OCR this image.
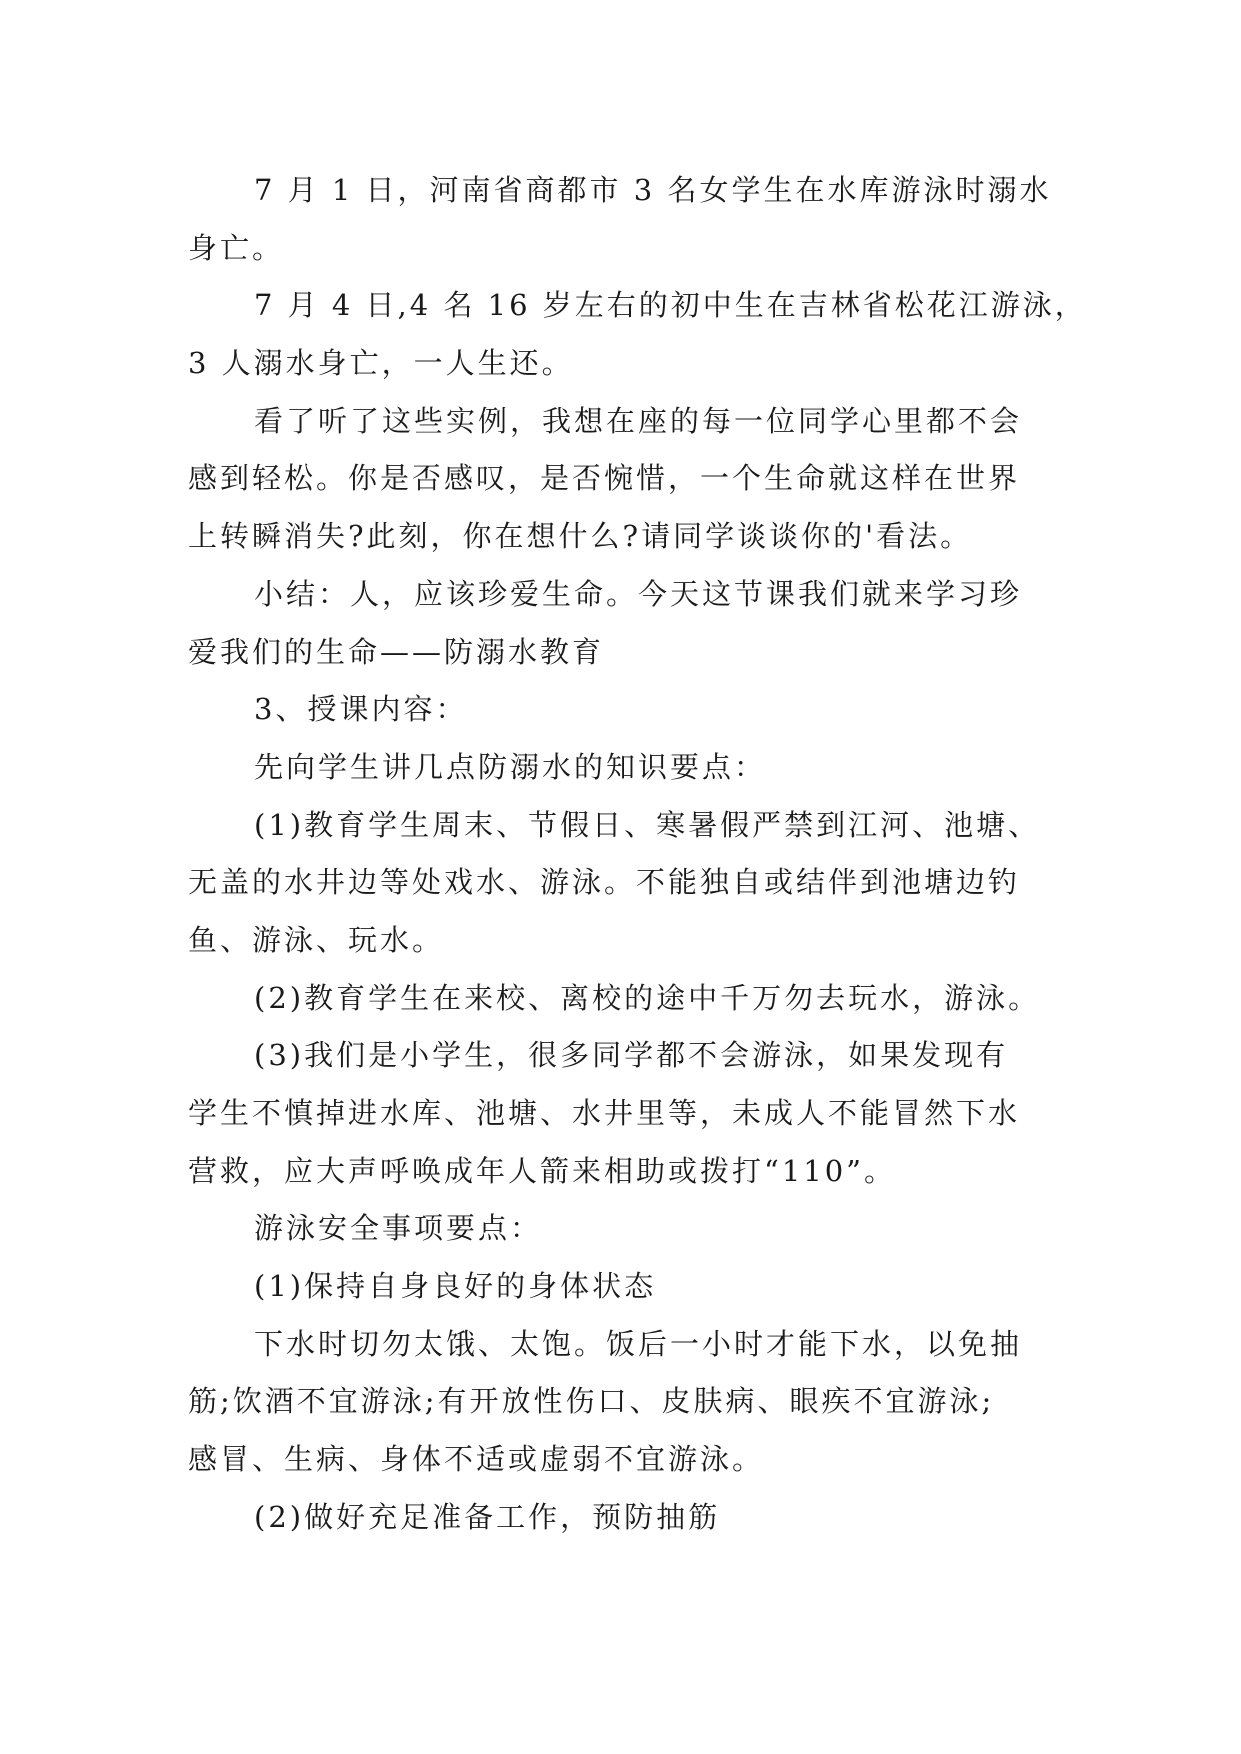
7 月 1 日，河南省商都市 3 名女学生在水库游泳时溺水
身亡。
7 月 4 日,4 名 16 岁左右的初中生在吉林省松花江游泳，
3 人溺水身亡，一人生还。
看了听了这些实例，我想在座的每一位同学心里都不会
感到轻松。你是否感叹，是否惋惜，一个生命就这样在世界
上转瞬消失?此刻，你在想什么?请同学谈谈你的'看法。
小结：人，应该珍爱生命。今天这节课我们就来学习珍
爱我们的生命——防溺水教育
3、授课内容：
先向学生讲几点防溺水的知识要点：
(1)教育学生周末、节假日、寒暑假严禁到江河、池塘、
无盖的水井边等处戏水、游泳。不能独自或结伴到池塘边钓
鱼、游泳、玩水。
(2)教育学生在来校、离校的途中千万勿去玩水，游泳。
(3)我们是小学生，很多同学都不会游泳，如果发现有
学生不慎掉进水库、池塘、水井里等，未成人不能冒然下水
营救，应大声呼唤成年人箭来相助或拨打“110”。
游泳安全事项要点：
(1)保持自身良好的身体状态
下水时切勿太饿、太饱。饭后一小时才能下水，以免抽
筋;饮酒不宜游泳;有开放性伤口、皮肤病、眼疾不宜游泳;
感冒、生病、身体不适或虚弱不宜游泳。
(2)做好充足准备工作，预防抽筋
